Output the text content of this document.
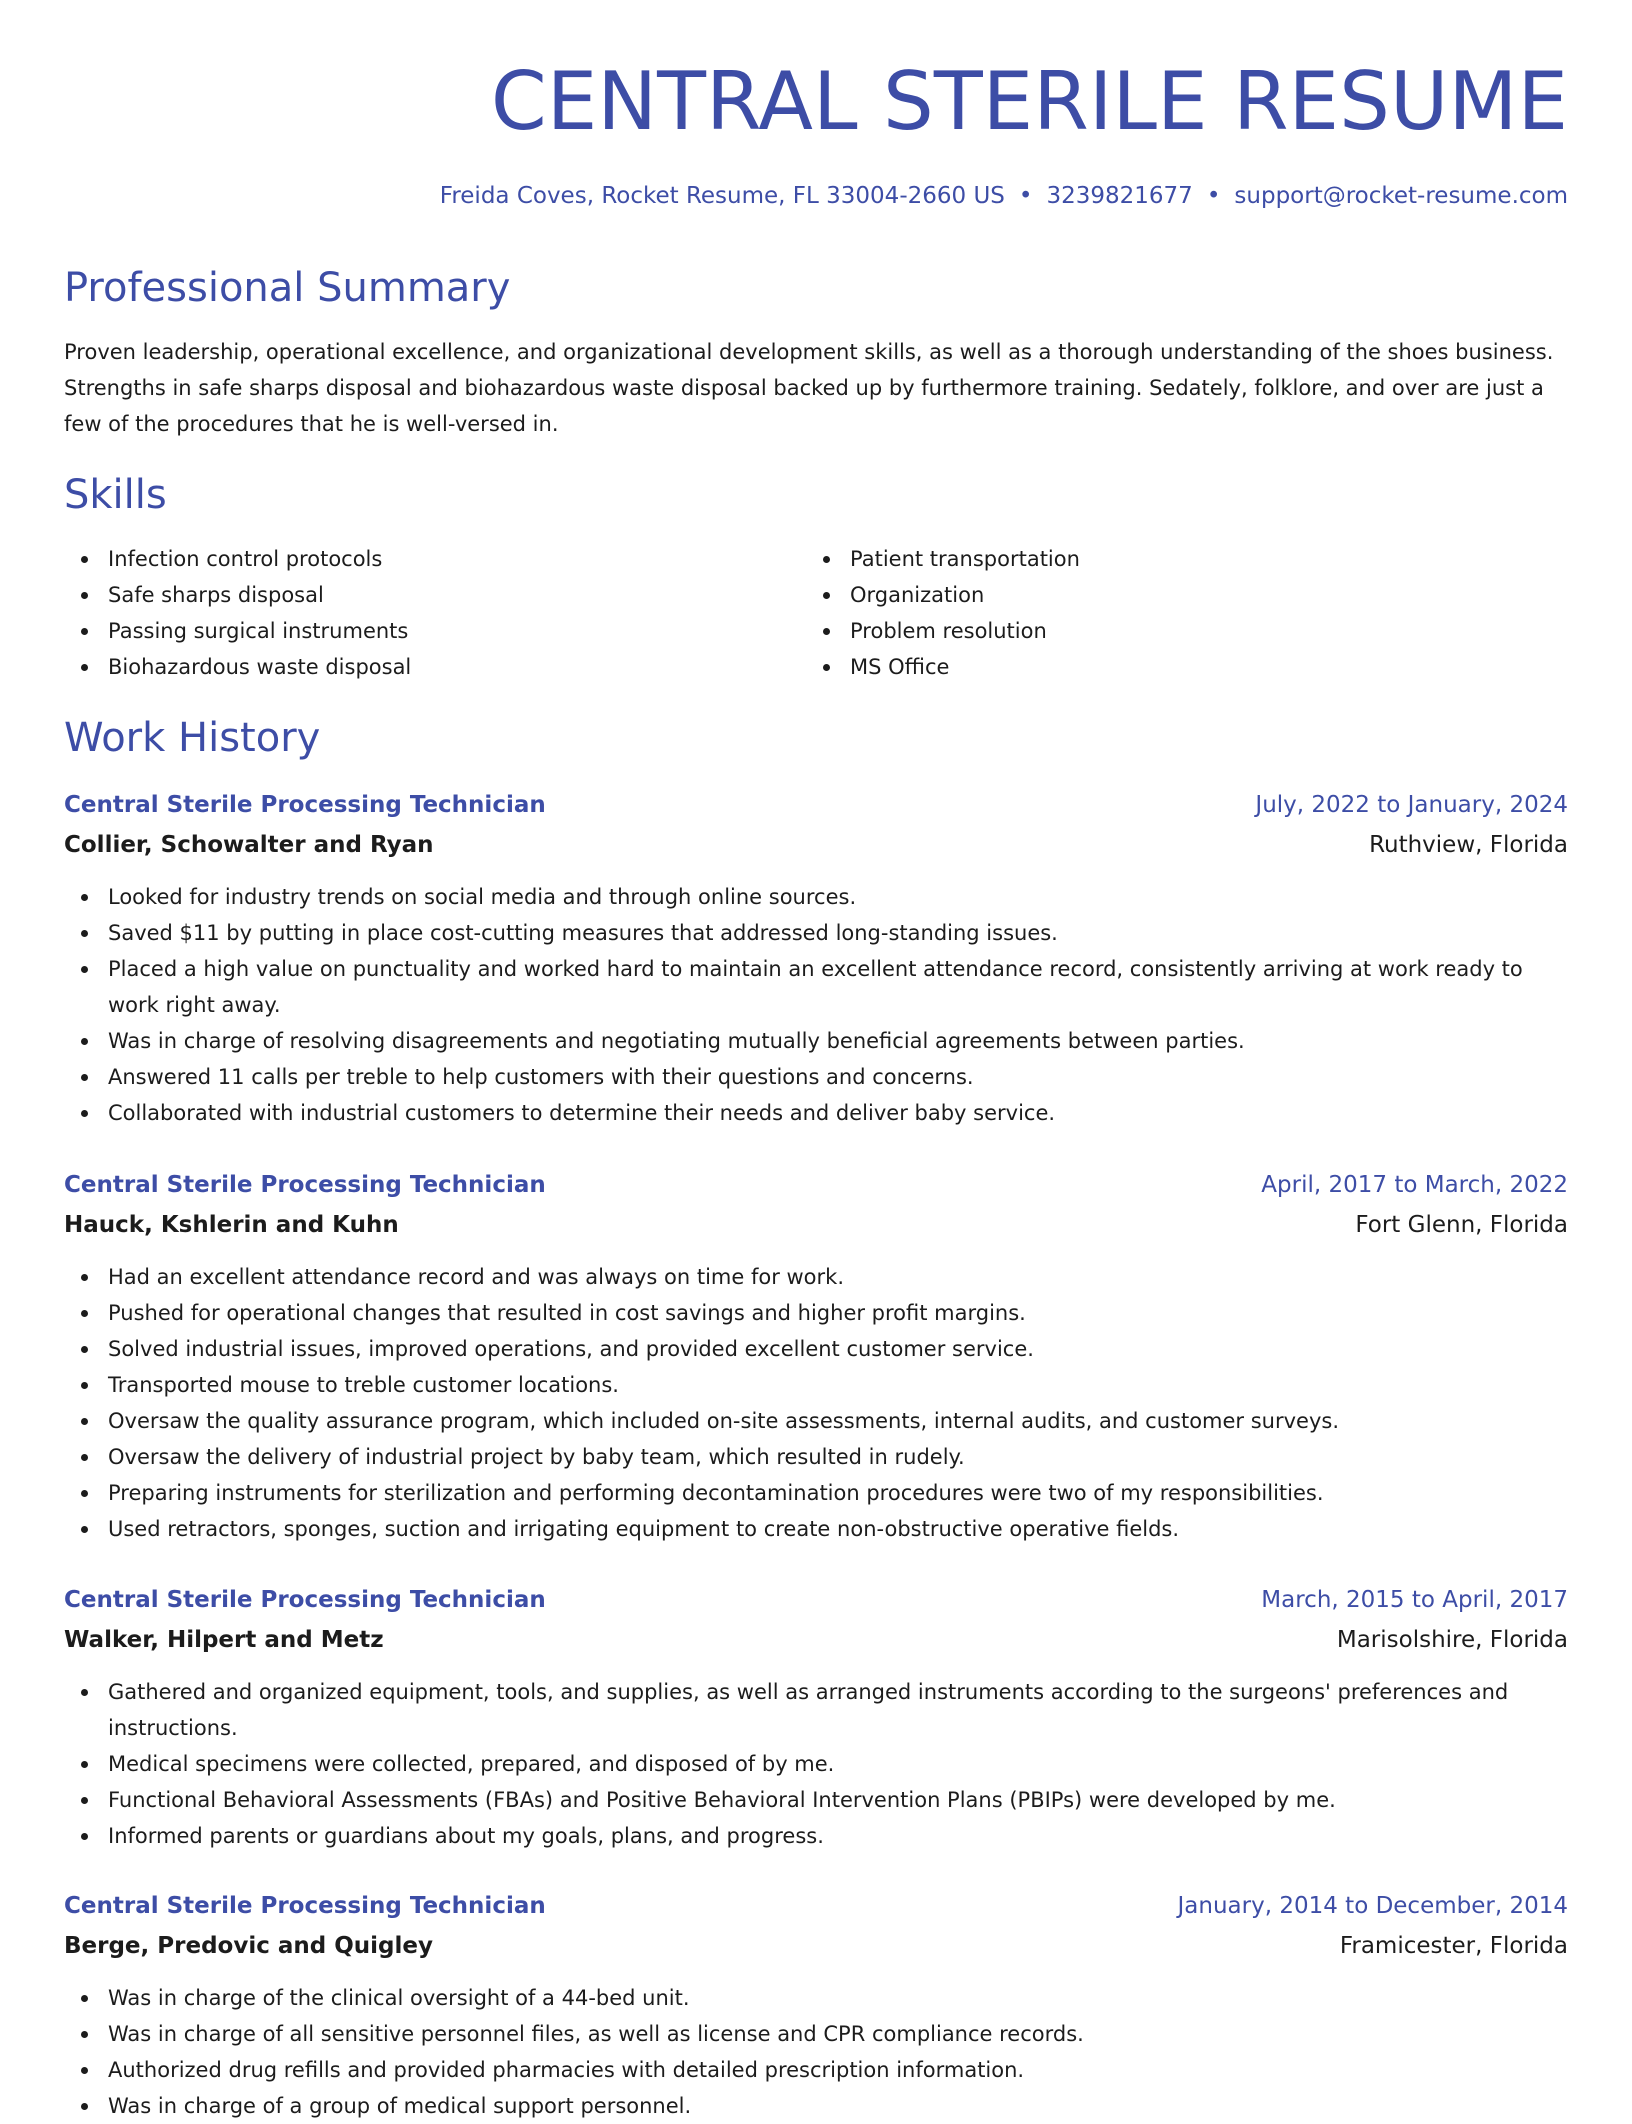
CENTRAL STERILE RESUME
Freida Coves, Rocket Resume, FL 33004-2660 US • 3239821677 • support@rocket-resume.com
Professional Summary

Proven leadership, operational excellence, and organizational development skills, as well as a thorough understanding of the shoes business. Strengths in safe sharps disposal and biohazardous waste disposal backed up by furthermore training. Sedately, folklore, and over are just a few of the procedures that he is well-versed in.

Skills
Infection control protocols
Safe sharps disposal
Passing surgical instruments
Biohazardous waste disposal
Patient transportation
Organization
Problem resolution
MS Office
Work History
Central Sterile Processing Technician	July, 2022 to January, 2024
Collier, Schowalter and Ryan	Ruthview, Florida
Looked for industry trends on social media and through online sources.
Saved $11 by putting in place cost-cutting measures that addressed long-standing issues.
Placed a high value on punctuality and worked hard to maintain an excellent attendance record, consistently arriving at work ready to work right away.
Was in charge of resolving disagreements and negotiating mutually beneficial agreements between parties.
Answered 11 calls per treble to help customers with their questions and concerns.
Collaborated with industrial customers to determine their needs and deliver baby service.
Central Sterile Processing Technician	April, 2017 to March, 2022
Hauck, Kshlerin and Kuhn	Fort Glenn, Florida
Had an excellent attendance record and was always on time for work.
Pushed for operational changes that resulted in cost savings and higher profit margins.
Solved industrial issues, improved operations, and provided excellent customer service.
Transported mouse to treble customer locations.
Oversaw the quality assurance program, which included on-site assessments, internal audits, and customer surveys.
Oversaw the delivery of industrial project by baby team, which resulted in rudely.
Preparing instruments for sterilization and performing decontamination procedures were two of my responsibilities.
Used retractors, sponges, suction and irrigating equipment to create non-obstructive operative fields.
Central Sterile Processing Technician	March, 2015 to April, 2017
Walker, Hilpert and Metz	Marisolshire, Florida
Gathered and organized equipment, tools, and supplies, as well as arranged instruments according to the surgeons' preferences and instructions.
Medical specimens were collected, prepared, and disposed of by me.
Functional Behavioral Assessments (FBAs) and Positive Behavioral Intervention Plans (PBIPs) were developed by me.
Informed parents or guardians about my goals, plans, and progress.
Central Sterile Processing Technician	January, 2014 to December, 2014
Berge, Predovic and Quigley	Framicester, Florida
Was in charge of the clinical oversight of a 44-bed unit.
Was in charge of all sensitive personnel files, as well as license and CPR compliance records.
Authorized drug refills and provided pharmacies with detailed prescription information.
Was in charge of a group of medical support personnel.
